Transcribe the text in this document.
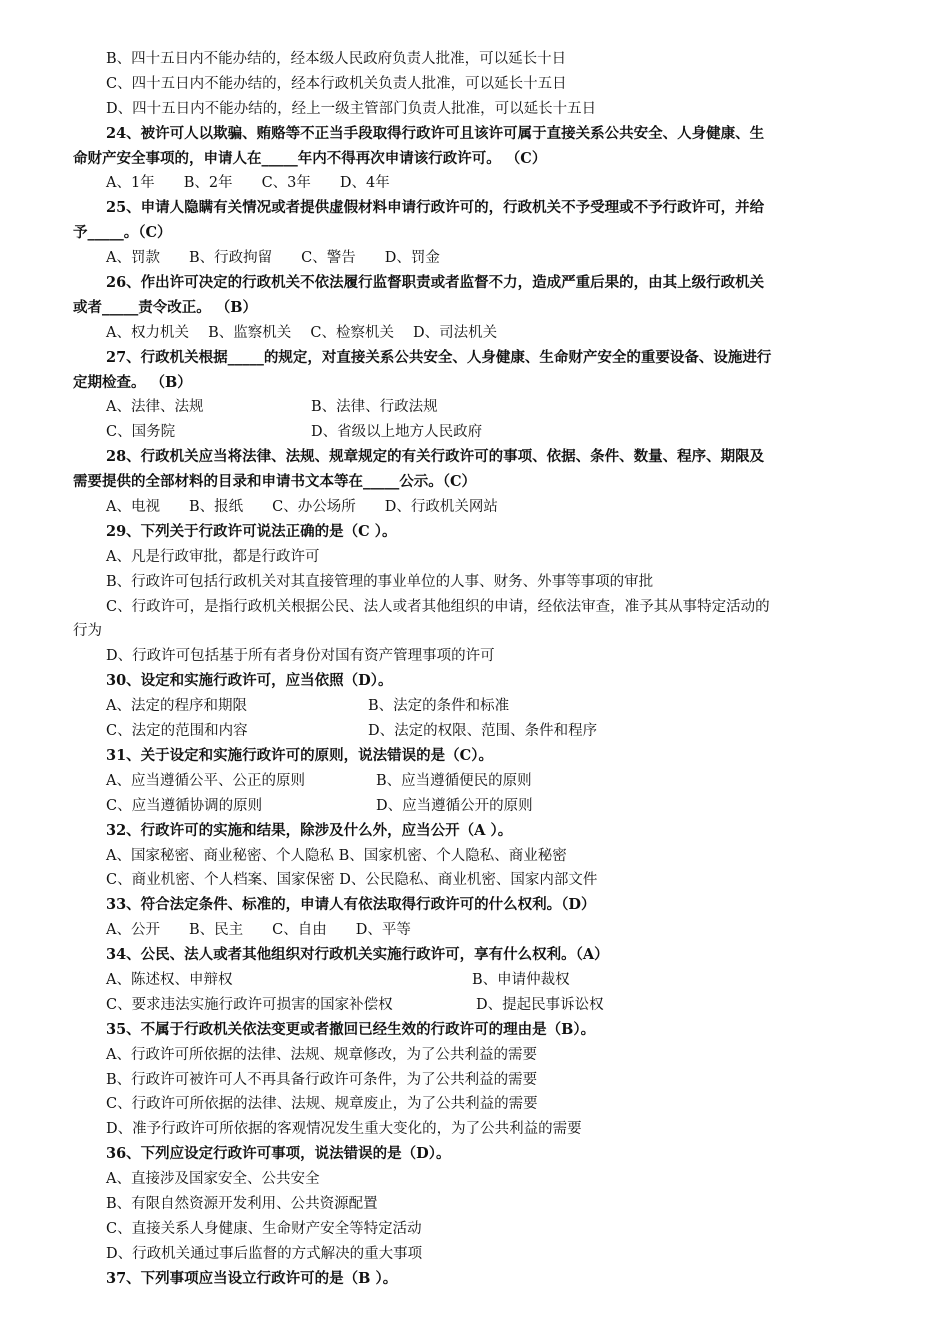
B、四十五日内不能办结的，经本级人民政府负责人批准，可以延长十日
C、四十五日内不能办结的，经本行政机关负责人批准，可以延长十五日
D、四十五日内不能办结的，经上一级主管部门负责人批准，可以延长十五日
24、被许可人以欺骗、贿赂等不正当手段取得行政许可且该许可属于直接关系公共安全、人身健康、生
命财产安全事项的，申请人在_____年内不得再次申请该行政许可。 （C）
A、1年　　B、2年　　C、3年　　D、4年
25、申请人隐瞒有关情况或者提供虚假材料申请行政许可的，行政机关不予受理或不予行政许可，并给
予_____。（C）
A、罚款　　B、行政拘留　　C、警告　　D、罚金
26、作出许可决定的行政机关不依法履行监督职责或者监督不力，造成严重后果的，由其上级行政机关
或者_____责令改正。 （B）
A、权力机关　 B、监察机关　 C、检察机关　 D、司法机关
27、行政机关根据_____的规定，对直接关系公共安全、人身健康、生命财产安全的重要设备、设施进行
定期检查。 （B）
A、法律、法规	B、法律、行政法规
C、国务院	D、省级以上地方人民政府
28、行政机关应当将法律、法规、规章规定的有关行政许可的事项、依据、条件、数量、程序、期限及
需要提供的全部材料的目录和申请书文本等在_____公示。（C）
A、电视　　B、报纸　　C、办公场所　　D、行政机关网站
29、下列关于行政许可说法正确的是（C ）。
A、凡是行政审批，都是行政许可
B、行政许可包括行政机关对其直接管理的事业单位的人事、财务、外事等事项的审批
C、行政许可，是指行政机关根据公民、法人或者其他组织的申请，经依法审查，准予其从事特定活动的
行为
D、行政许可包括基于所有者身份对国有资产管理事项的许可
30、设定和实施行政许可，应当依照（D）。
A、法定的程序和期限	B、法定的条件和标准
C、法定的范围和内容	D、法定的权限、范围、条件和程序
31、关于设定和实施行政许可的原则，说法错误的是（C）。
A、应当遵循公平、公正的原则	B、应当遵循便民的原则
C、应当遵循协调的原则	D、应当遵循公开的原则
32、行政许可的实施和结果，除涉及什么外，应当公开（A ）。
A、国家秘密、商业秘密、个人隐私 B、国家机密、个人隐私、商业秘密
C、商业机密、个人档案、国家保密 D、公民隐私、商业机密、国家内部文件
33、符合法定条件、标准的，申请人有依法取得行政许可的什么权利。（D）
A、公开　　B、民主　　C、自由　　D、平等
34、公民、法人或者其他组织对行政机关实施行政许可，享有什么权利。（A）
A、陈述权、申辩权	B、申请仲裁权
C、要求违法实施行政许可损害的国家补偿权	D、提起民事诉讼权
35、不属于行政机关依法变更或者撤回已经生效的行政许可的理由是（B）。
A、行政许可所依据的法律、法规、规章修改，为了公共利益的需要
B、行政许可被许可人不再具备行政许可条件，为了公共利益的需要
C、行政许可所依据的法律、法规、规章废止，为了公共利益的需要
D、准予行政许可所依据的客观情况发生重大变化的，为了公共利益的需要
36、下列应设定行政许可事项，说法错误的是（D）。
A、直接涉及国家安全、公共安全
B、有限自然资源开发利用、公共资源配置
C、直接关系人身健康、生命财产安全等特定活动
D、行政机关通过事后监督的方式解决的重大事项
37、下列事项应当设立行政许可的是（B ）。
